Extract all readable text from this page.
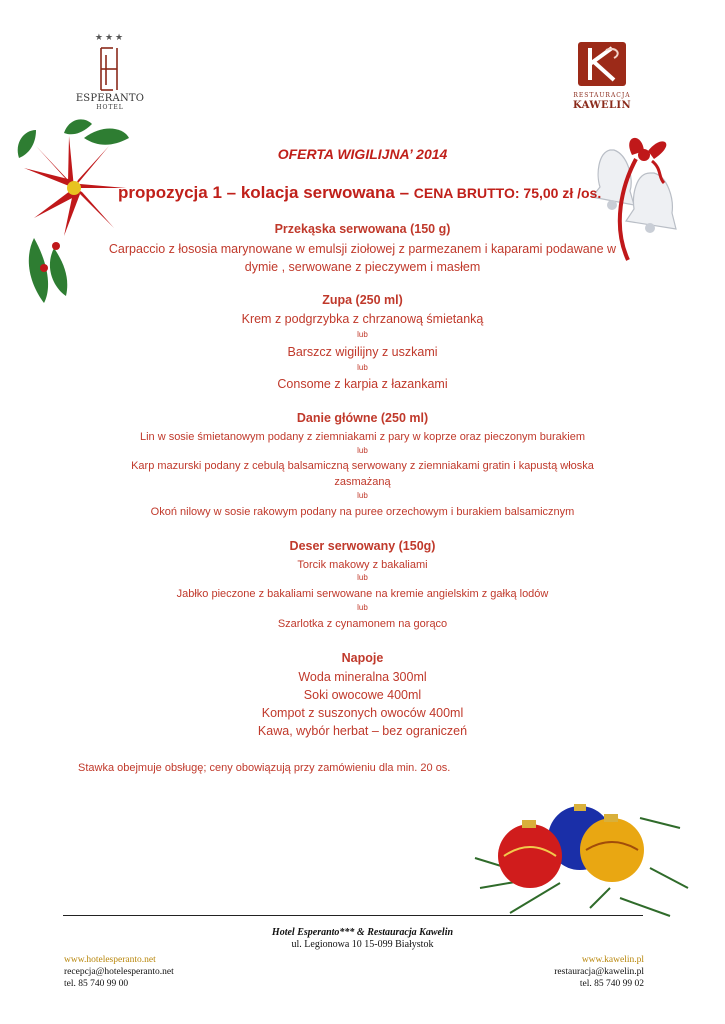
★★★
ESPERANTO
HOTEL
RESTAURACJA
KAWELIN
OFERTA WIGILIJNA’ 2014
propozycja 1 – kolacja serwowana – CENA BRUTTO: 75,00 zł /os.
Przekąska serwowana (150 g)
Carpaccio z łososia marynowane w emulsji ziołowej z parmezanem i kaparami podawane w
dymie , serwowane z pieczywem i masłem
Zupa (250 ml)
Krem z podgrzybka z chrzanową śmietanką
lub
Barszcz wigilijny z uszkami
lub
Consome z karpia z łazankami
Danie główne (250 ml)
Lin w sosie śmietanowym podany z ziemniakami z pary w koprze oraz pieczonym burakiem
lub
Karp mazurski podany z cebulą balsamiczną serwowany z ziemniakami gratin i kapustą włoska
zasmażaną
lub
Okoń nilowy w sosie rakowym podany na puree orzechowym i burakiem balsamicznym
Deser serwowany (150g)
Torcik makowy z bakaliami
lub
Jabłko pieczone z bakaliami serwowane na kremie angielskim z gałką lodów
lub
Szarlotka z cynamonem na gorąco
Napoje
Woda mineralna 300ml
Soki owocowe 400ml
Kompot z suszonych owoców 400ml
Kawa, wybór herbat – bez ograniczeń
Stawka obejmuje obsługę; ceny obowiązują przy zamówieniu dla min. 20 os.
Hotel Esperanto*** & Restauracja Kawelin
ul. Legionowa 10 15-099 Białystok
www.hotelesperanto.net
recepcja@hotelesperanto.net
tel. 85 740 99 00
www.kawelin.pl
restauracja@kawelin.pl
tel. 85 740 99 02
